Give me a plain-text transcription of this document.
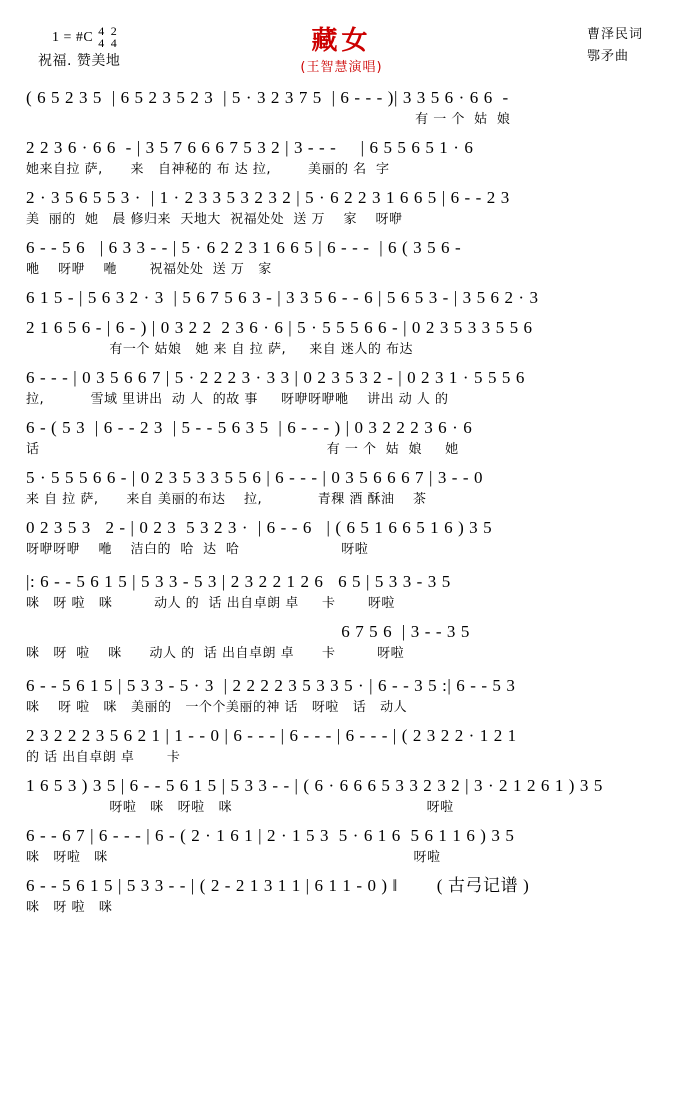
1 = #C 4
4

2
4
祝福. 赞美地
藏女
(王智慧演唱)
曹泽民词
鄂矛曲
( 6 5 2 3 5  | 6 5 2 3 5 2 3  | 5 · 3 2 3 7 5  | 6 - - - )| 3 3 5 6 · 6 6  -
有 一 个  姑  娘
2 2 3 6 · 6 6  - | 3 5 7 6 6 6 7 5 3 2 | 3 - - -     | 6 5 5 6 5 1 · 6
她来自拉 萨,      来   自神秘的 布 达 拉,        美丽的 名  字
2 · 3 5 6 5 5 3 ·  | 1 · 2 3 3 5 3 2 3 2 | 5 · 6 2 2 3 1 6 6 5 | 6 - - 2 3
美  丽的  她   晨 修归来  天地大  祝福处处  送 万    家    呀咿
6 - - 5 6   | 6 3 3 - - | 5 · 6 2 2 3 1 6 6 5 | 6 - - -  | 6 ( 3 5 6 -
咃    呀咿    咃       祝福处处  送 万   家
6 1 5 - | 5 6 3 2 · 3  | 5 6 7 5 6 3 - | 3 3 5 6 - - 6 | 5 6 5 3 - | 3 5 6 2 · 3
2 1 6 5 6 - | 6 - ) | 0 3 2 2  2 3 6 · 6 | 5 · 5 5 5 6 6 - | 0 2 3 5 3 3 5 5 6
有一个 姑娘   她 来 自 拉 萨,     来自 迷人的 布达
6 - - - | 0 3 5 6 6 7 | 5 · 2 2 2 3 · 3 3 | 0 2 3 5 3 2 - | 0 2 3 1 · 5 5 5 6
拉,          雪域 里讲出  动 人  的故 事     呀咿呀咿咃    讲出 动 人 的
6 - ( 5 3  | 6 - - 2 3  | 5 - - 5 6 3 5  | 6 - - - ) | 0 3 2 2 2 3 6 · 6
话                                                              有 一 个  姑  娘     她
5 · 5 5 5 6 6 - | 0 2 3 5 3 3 5 5 6 | 6 - - - | 0 3 5 6 6 6 7 | 3 - - 0
来 自 拉 萨,      来自 美丽的布达    拉,            青稞 酒 酥油    茶
0 2 3 5 3   2 - | 0 2 3  5 3 2 3 ·  | 6 - - 6   | ( 6 5 1 6 6 5 1 6 ) 3 5
呀咿呀咿    咃    洁白的  哈  达  哈                      呀啦
|: 6 - - 5 6 1 5 | 5 3 3 - 5 3 | 2 3 2 2 1 2 6   6 5 | 5 3 3 - 3 5
咪   呀 啦   咪         动人 的  话 出自卓朗 卓     卡       呀啦
6 7 5 6  | 3 - - 3 5
咪   呀  啦    咪      动人 的  话 出自卓朗 卓      卡         呀啦
6 - - 5 6 1 5 | 5 3 3 - 5 · 3  | 2 2 2 2 3 5 3 3 5 · | 6 - - 3 5 :| 6 - - 5 3
咪    呀 啦   咪   美丽的   一个个美丽的神 话   呀啦   话   动人
2 3 2 2 2 3 5 6 2 1 | 1 - - 0 | 6 - - - | 6 - - - | 6 - - - | ( 2 3 2 2 · 1 2 1
的 话 出自卓朗 卓       卡
1 6 5 3 ) 3 5 | 6 - - 5 6 1 5 | 5 3 3 - - | ( 6 · 6 6 6 5 3 3 2 3 2 | 3 · 2 1 2 6 1 ) 3 5
呀啦   咪   呀啦   咪                                          呀啦
6 - - 6 7 | 6 - - - | 6 - ( 2 · 1 6 1 | 2 · 1 5 3  5 · 6 1 6  5 6 1 1 6 ) 3 5
咪   呀啦   咪                                                                  呀啦
6 - - 5 6 1 5 | 5 3 3 - - | ( 2 - 2 1 3 1 1 | 6 1 1 - 0 ) ‖        ( 古弓记谱 )
咪   呀 啦   咪
